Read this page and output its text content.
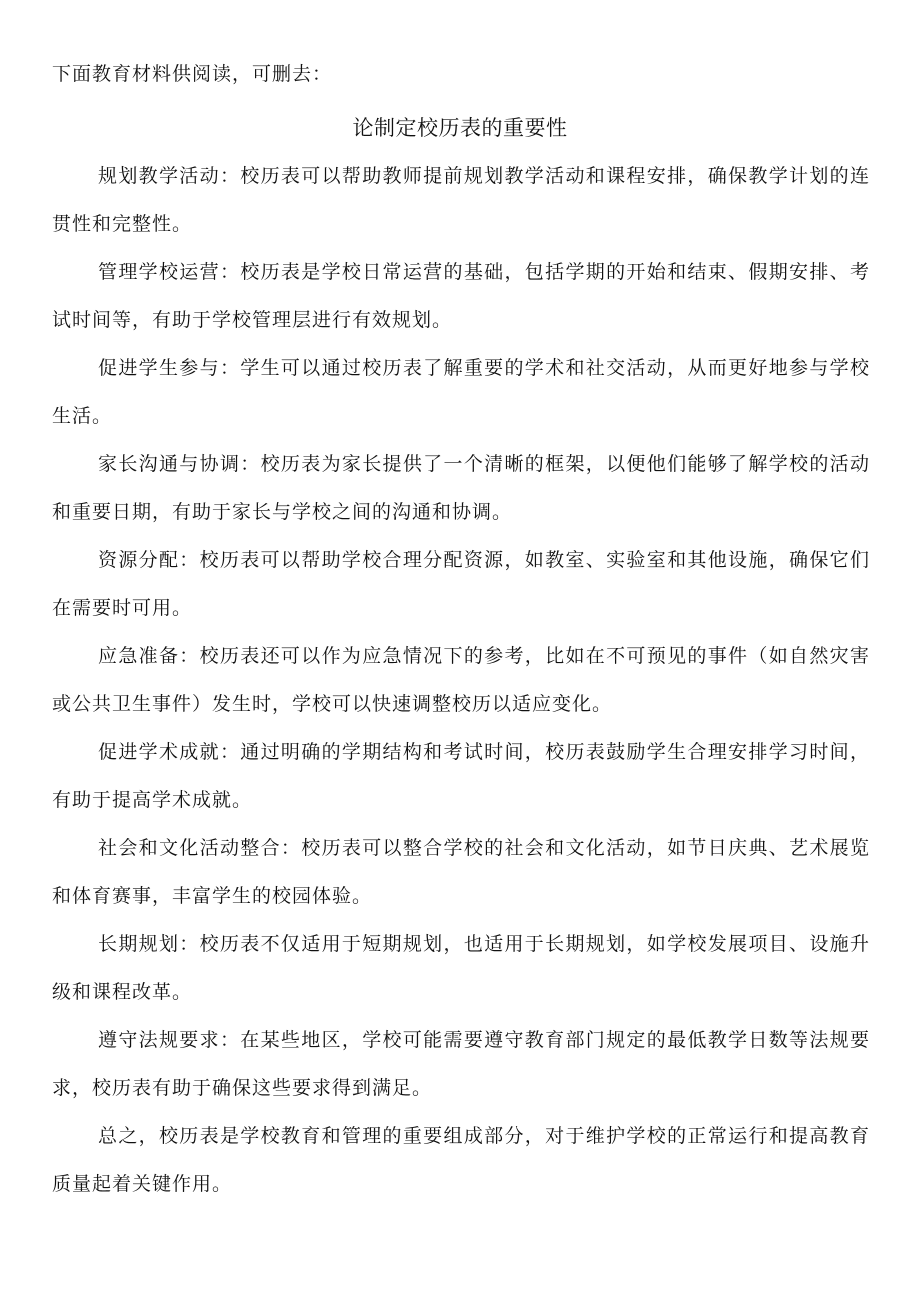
下面教育材料供阅读，可删去：
论制定校历表的重要性

规划教学活动：校历表可以帮助教师提前规划教学活动和课程安排，确保教学计划的连贯性和完整性。

管理学校运营：校历表是学校日常运营的基础，包括学期的开始和结束、假期安排、考试时间等，有助于学校管理层进行有效规划。

促进学生参与：学生可以通过校历表了解重要的学术和社交活动，从而更好地参与学校生活。

家长沟通与协调：校历表为家长提供了一个清晰的框架，以便他们能够了解学校的活动和重要日期，有助于家长与学校之间的沟通和协调。

资源分配：校历表可以帮助学校合理分配资源，如教室、实验室和其他设施，确保它们在需要时可用。

应急准备：校历表还可以作为应急情况下的参考，比如在不可预见的事件（如自然灾害或公共卫生事件）发生时，学校可以快速调整校历以适应变化。

促进学术成就：通过明确的学期结构和考试时间，校历表鼓励学生合理安排学习时间，有助于提高学术成就。

社会和文化活动整合：校历表可以整合学校的社会和文化活动，如节日庆典、艺术展览和体育赛事，丰富学生的校园体验。

长期规划：校历表不仅适用于短期规划，也适用于长期规划，如学校发展项目、设施升级和课程改革。

遵守法规要求：在某些地区，学校可能需要遵守教育部门规定的最低教学日数等法规要求，校历表有助于确保这些要求得到满足。

总之，校历表是学校教育和管理的重要组成部分，对于维护学校的正常运行和提高教育质量起着关键作用。
